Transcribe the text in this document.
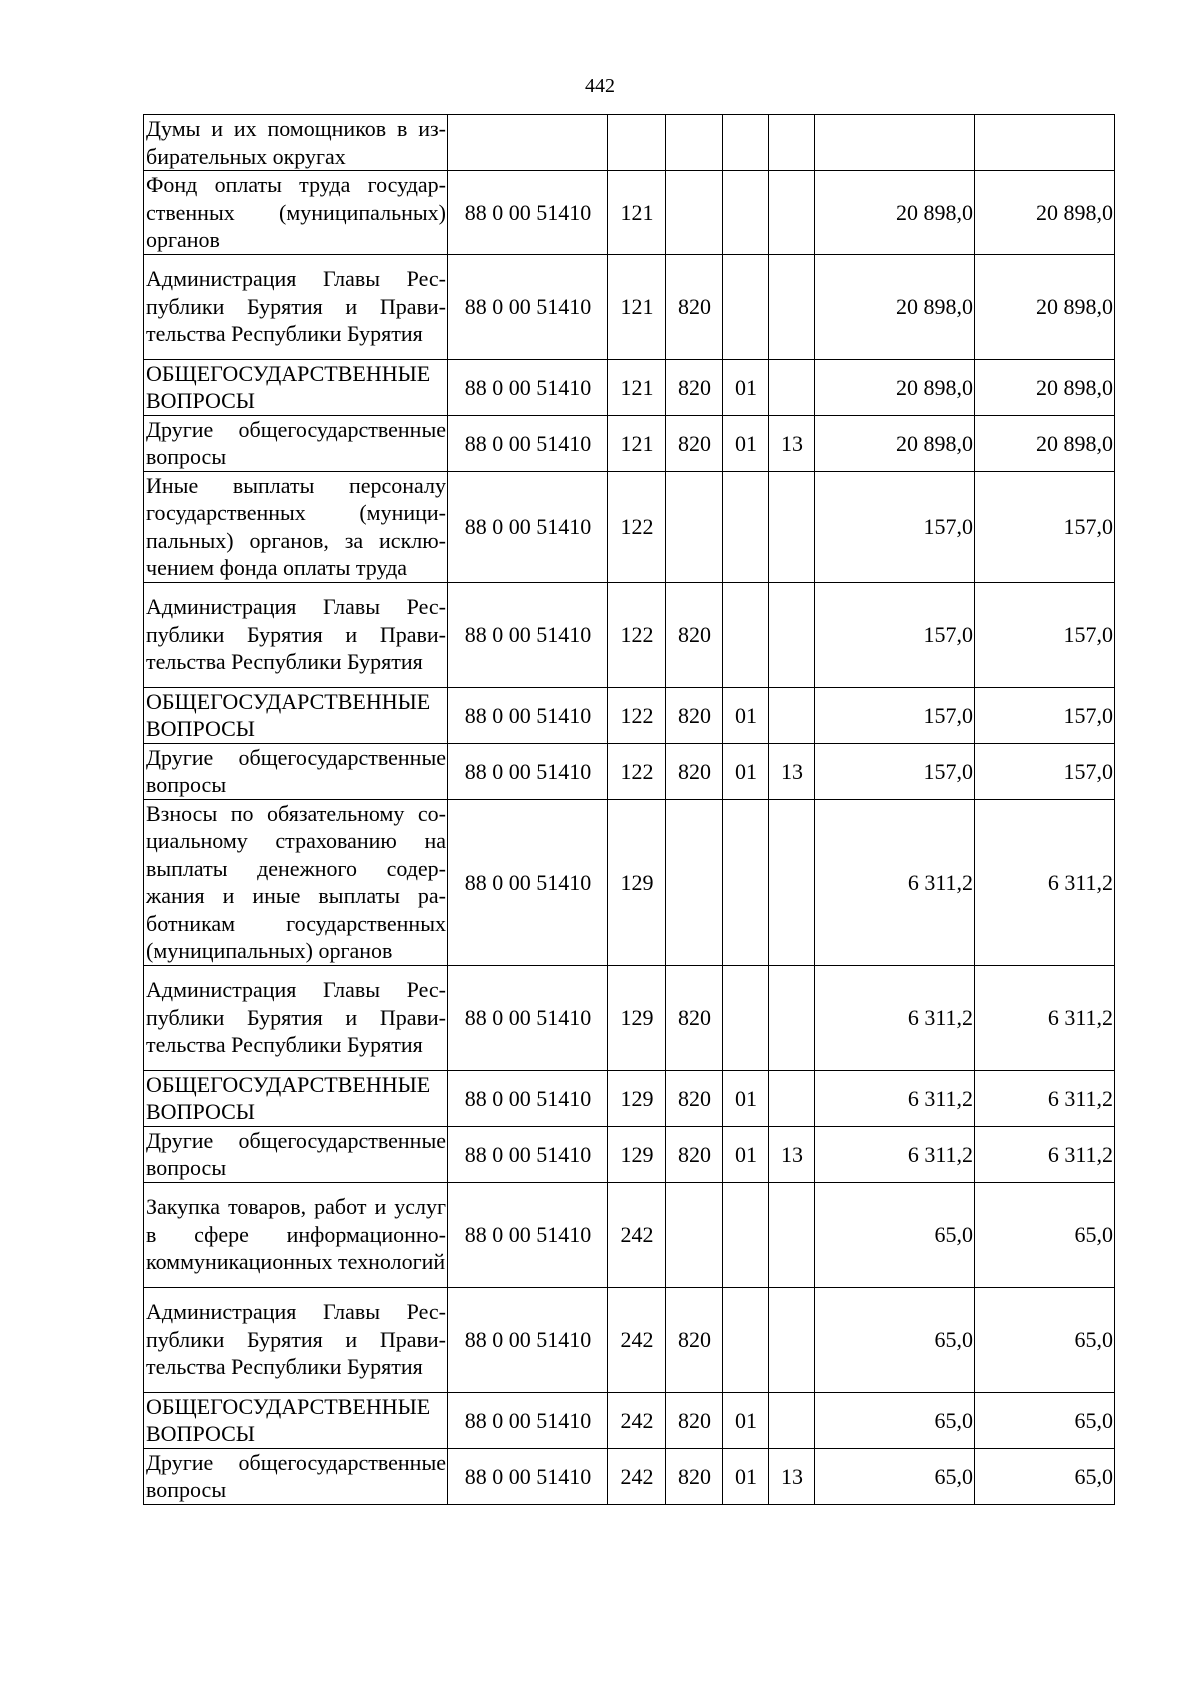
442
Думы и их помощников в избирательных округах							
Фонд оплаты труда государственных (муниципальных) органов	88 0 00 51410	121				20 898,0	20 898,0
Администрация Главы Республики Бурятия и Правительства Республики Бурятия	88 0 00 51410	121	820			20 898,0	20 898,0
ОБЩЕГОСУДАРСТВЕННЫЕ ВОПРОСЫ	88 0 00 51410	121	820	01		20 898,0	20 898,0
Другие общегосударственные вопросы	88 0 00 51410	121	820	01	13	20 898,0	20 898,0
Иные выплаты персоналу государственных (муниципальных) органов, за исключением фонда оплаты труда	88 0 00 51410	122				157,0	157,0
Администрация Главы Республики Бурятия и Правительства Республики Бурятия	88 0 00 51410	122	820			157,0	157,0
ОБЩЕГОСУДАРСТВЕННЫЕ ВОПРОСЫ	88 0 00 51410	122	820	01		157,0	157,0
Другие общегосударственные вопросы	88 0 00 51410	122	820	01	13	157,0	157,0
Взносы по обязательному социальному страхованию на выплаты денежного содержания и иные выплаты работникам государственных (муниципальных) органов	88 0 00 51410	129				6 311,2	6 311,2
Администрация Главы Республики Бурятия и Правительства Республики Бурятия	88 0 00 51410	129	820			6 311,2	6 311,2
ОБЩЕГОСУДАРСТВЕННЫЕ ВОПРОСЫ	88 0 00 51410	129	820	01		6 311,2	6 311,2
Другие общегосударственные вопросы	88 0 00 51410	129	820	01	13	6 311,2	6 311,2
Закупка товаров, работ и услуг в сфере информационно-коммуникационных технологий	88 0 00 51410	242				65,0	65,0
Администрация Главы Республики Бурятия и Правительства Республики Бурятия	88 0 00 51410	242	820			65,0	65,0
ОБЩЕГОСУДАРСТВЕННЫЕ ВОПРОСЫ	88 0 00 51410	242	820	01		65,0	65,0
Другие общегосударственные вопросы	88 0 00 51410	242	820	01	13	65,0	65,0
